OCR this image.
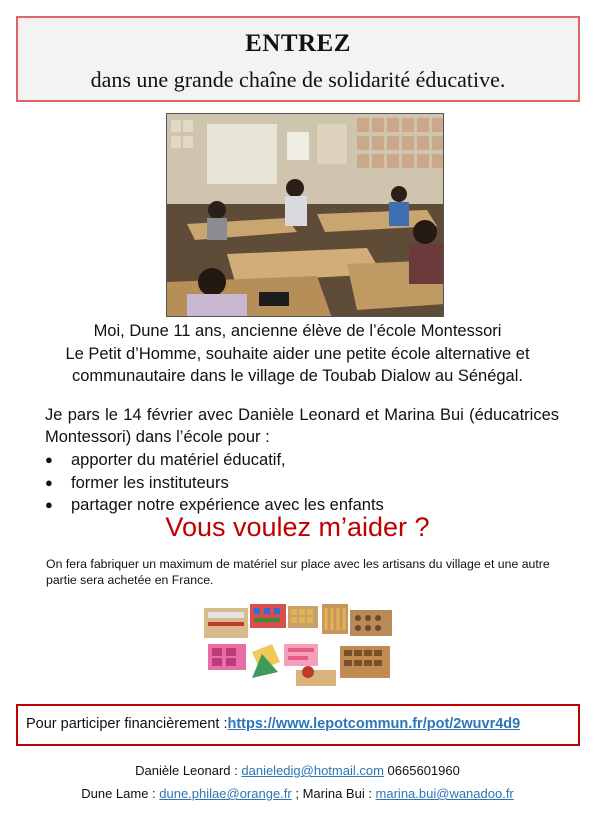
ENTREZ
dans une grande chaîne de solidarité éducative.
Moi, Dune 11 ans, ancienne élève de l’école Montessori
Le Petit d’Homme, souhaite aider une petite école alternative et
communautaire dans le village de Toubab Dialow au Sénégal.
Je pars le 14 février avec Danièle Leonard et Marina Bui (éducatrices Montessori) dans l’école pour :
● apporter du matériel éducatif,
● former les instituteurs
● partager notre expérience avec les enfants
Vous voulez m’aider ?
On fera fabriquer un maximum de matériel sur place avec les artisans du village et une autre partie sera achetée en France.
Pour participer financièrement :https://www.lepotcommun.fr/pot/2wuvr4d9
Danièle Leonard : danieledig@hotmail.com 0665601960
Dune Lame : dune.philae@orange.fr ; Marina Bui : marina.bui@wanadoo.fr
